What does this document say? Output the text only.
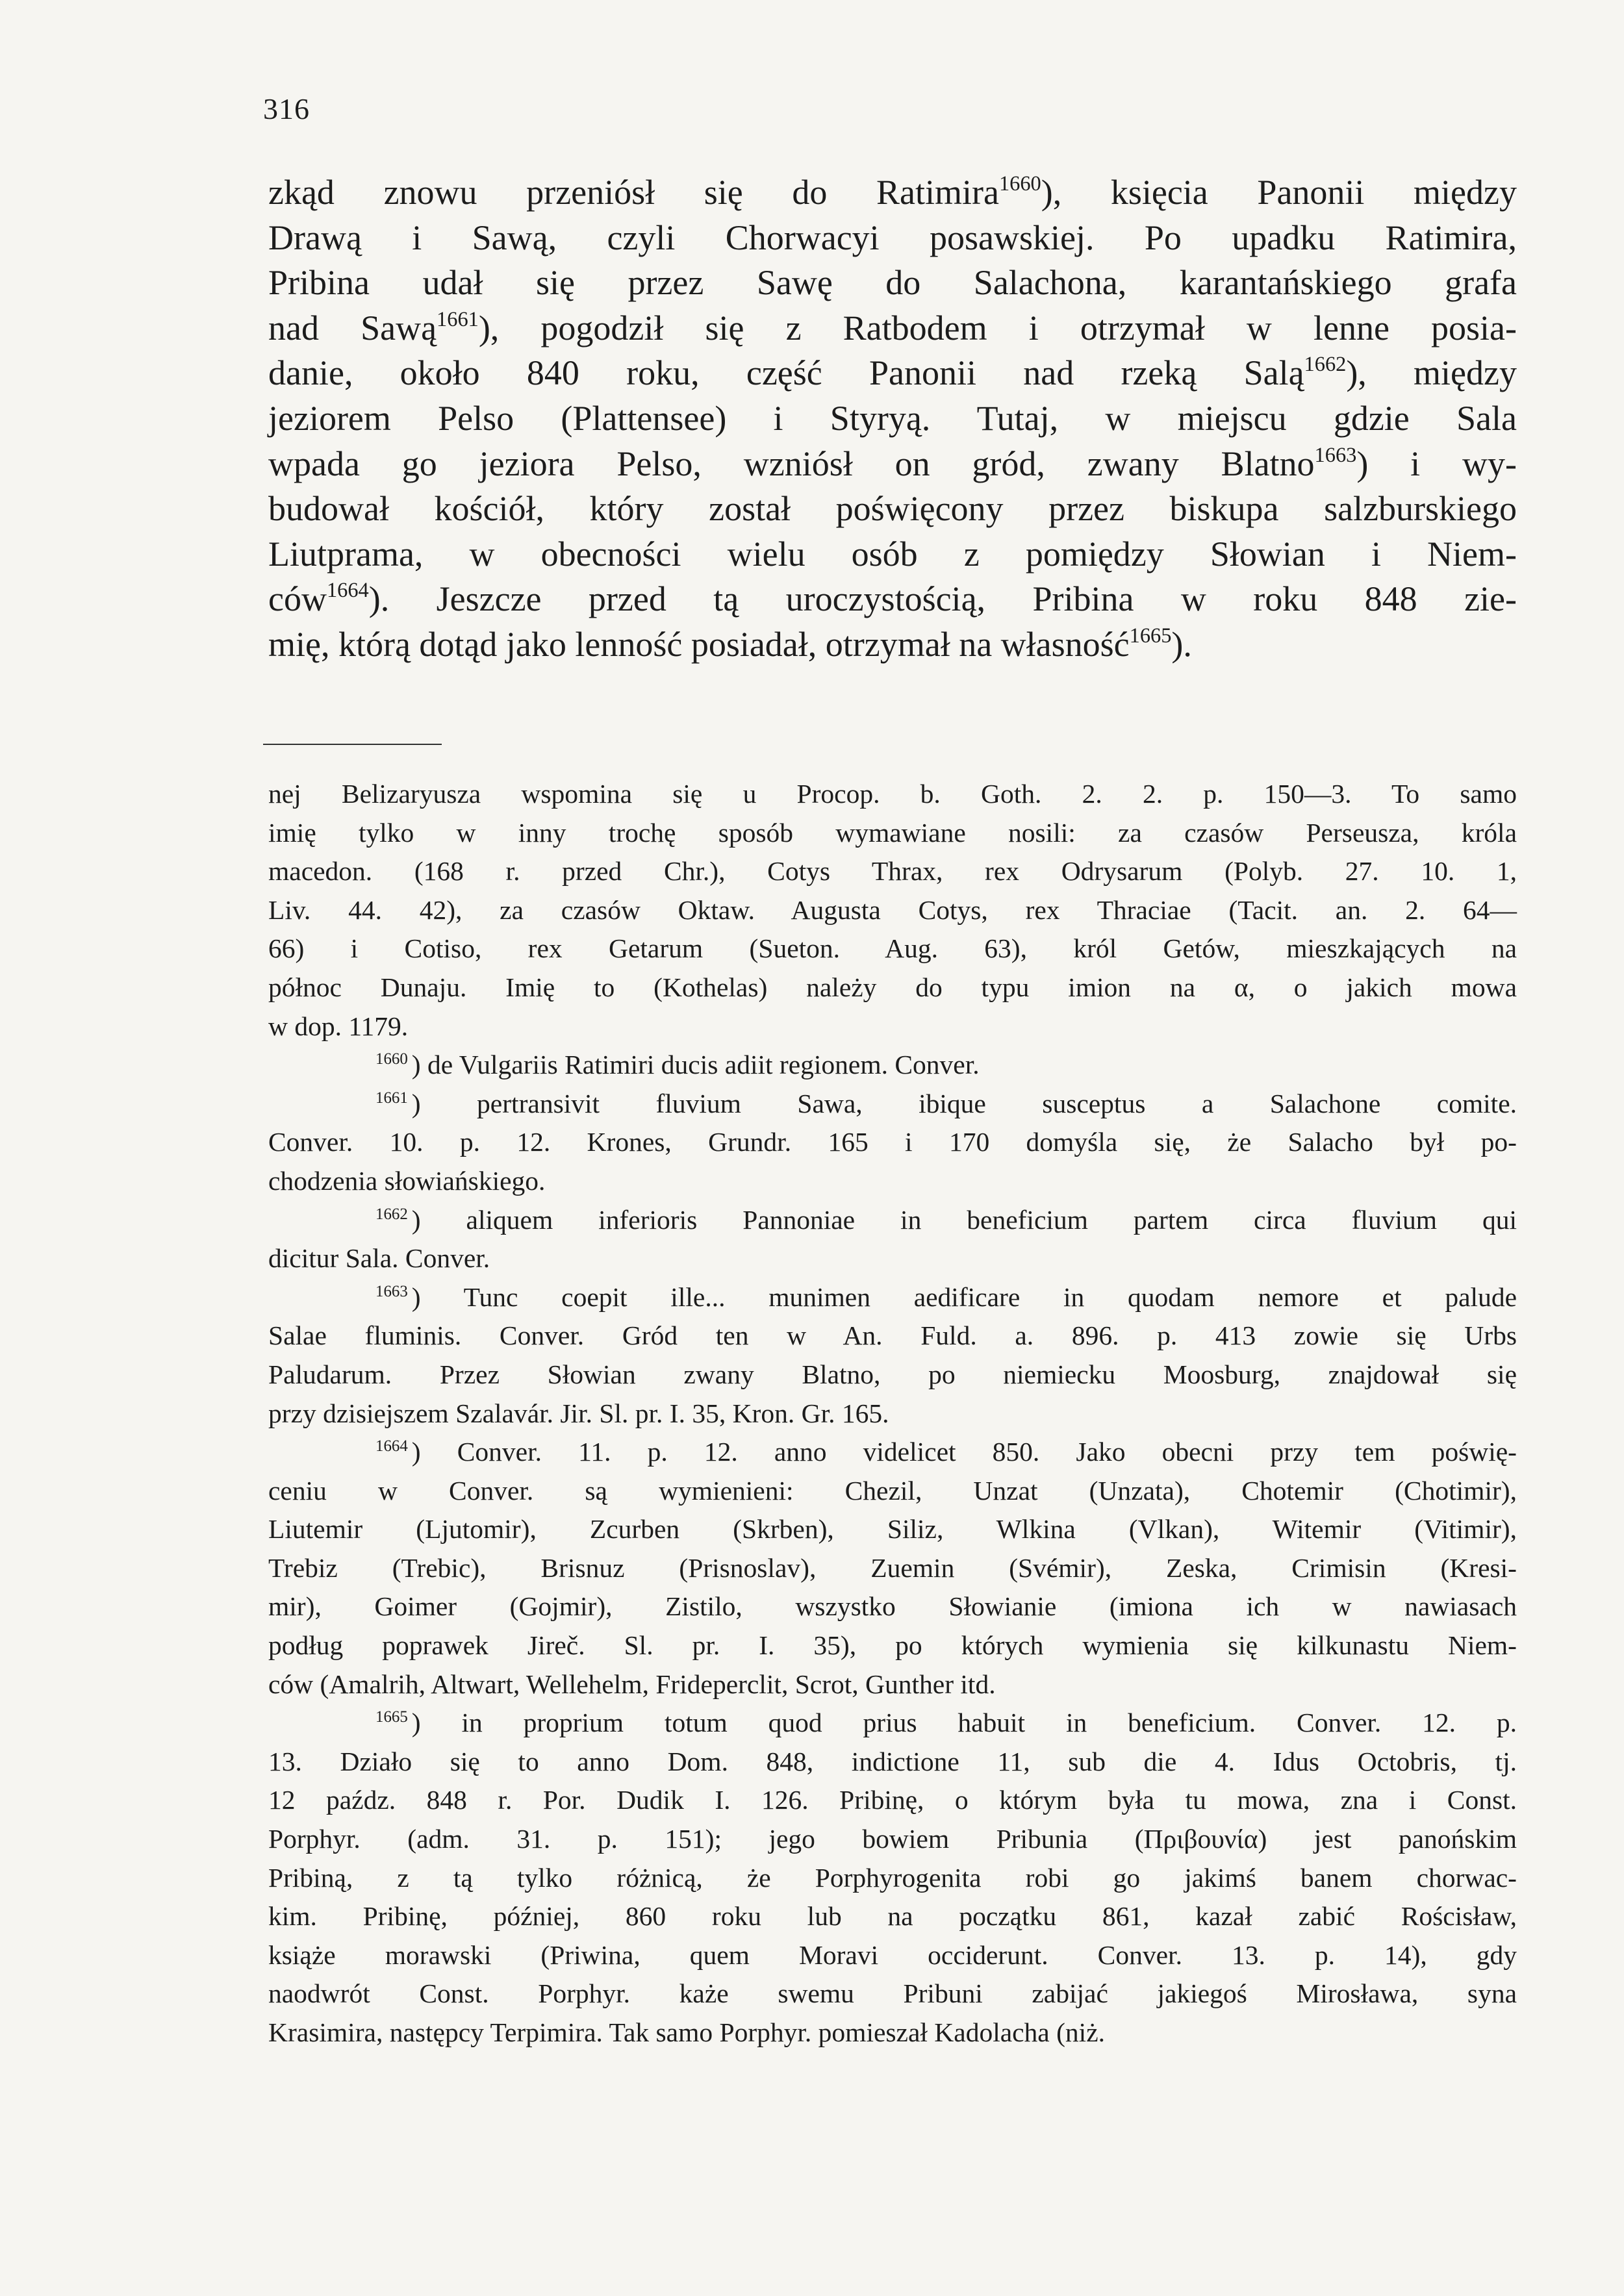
316
zkąd znowu przeniósł się do Ratimira$^{1660}$), księcia Panonii między
Drawą i Sawą, czyli Chorwacyi posawskiej. Po upadku Ratimira,
Pribina udał się przez Sawę do Salachona, karantańskiego grafa
nad Sawą$^{1661}$), pogodził się z Ratbodem i otrzymał w lenne posia-
danie, około 840 roku, część Panonii nad rzeką Salą$^{1662}$), między
jeziorem Pelso (Plattensee) i Styryą. Tutaj, w miejscu gdzie Sala
wpada go jeziora Pelso, wzniósł on gród, zwany Blatno$^{1663}$) i wy-
budował kościół, który został poświęcony przez biskupa salzburskiego
Liutprama, w obecności wielu osób z pomiędzy Słowian i Niem-
ców$^{1664}$). Jeszcze przed tą uroczystością, Pribina w roku 848 zie-
mię, którą dotąd jako lenność posiadał, otrzymał na własność$^{1665}$).
nej Belizaryusza wspomina się u Procop. b. Goth. 2. 2. p. 150—3. To samo
imię tylko w inny trochę sposób wymawiane nosili: za czasów Perseusza, króla
macedon. (168 r. przed Chr.), Cotys Thrax, rex Odrysarum (Polyb. 27. 10. 1,
Liv. 44. 42), za czasów Oktaw. Augusta Cotys, rex Thraciae (Tacit. an. 2. 64—
66) i Cotiso, rex Getarum (Sueton. Aug. 63), król Getów, mieszkających na
północ Dunaju. Imię to (Kothelas) należy do typu imion na α, o jakich mowa
w dop. 1179.
$^{1660}$ ) de Vulgariis Ratimiri ducis adiit regionem. Conver.
$^{1661}$ ) pertransivit fluvium Sawa, ibique susceptus a Salachone comite.
Conver. 10. p. 12. Krones, Grundr. 165 i 170 domyśla się, że Salacho był po-
chodzenia słowiańskiego.
$^{1662}$ ) aliquem inferioris Pannoniae in beneficium partem circa fluvium qui
dicitur Sala. Conver.
$^{1663}$ ) Tunc coepit ille... munimen aedificare in quodam nemore et palude
Salae fluminis. Conver. Gród ten w An. Fuld. a. 896. p. 413 zowie się Urbs
Paludarum. Przez Słowian zwany Blatno, po niemiecku Moosburg, znajdował się
przy dzisiejszem Szalavár. Jir. Sl. pr. I. 35, Kron. Gr. 165.
$^{1664}$ ) Conver. 11. p. 12. anno videlicet 850. Jako obecni przy tem poświę-
ceniu w Conver. są wymienieni: Chezil, Unzat (Unzata), Chotemir (Chotimir),
Liutemir (Ljutomir), Zcurben (Skrben), Siliz, Wlkina (Vlkan), Witemir (Vitimir),
Trebiz (Trebic), Brisnuz (Prisnoslav), Zuemin (Svémir), Zeska, Crimisin (Kresi-
mir), Goimer (Gojmir), Zistilo, wszystko Słowianie (imiona ich w nawiasach
podług poprawek Jireč. Sl. pr. I. 35), po których wymienia się kilkunastu Niem-
ców (Amalrih, Altwart, Wellehelm, Frideperclit, Scrot, Gunther itd.
$^{1665}$ ) in proprium totum quod prius habuit in beneficium. Conver. 12. p.
13. Działo się to anno Dom. 848, indictione 11, sub die 4. Idus Octobris, tj.
12 paźdz. 848 r. Por. Dudik I. 126. Pribinę, o którym była tu mowa, zna i Const.
Porphyr. (adm. 31. p. 151); jego bowiem Pribunia (Πριβουνία) jest panońskim
Pribiną, z tą tylko różnicą, że Porphyrogenita robi go jakimś banem chorwac-
kim. Pribinę, później, 860 roku lub na początku 861, kazał zabić Rościsław,
książe morawski (Priwina, quem Moravi occiderunt. Conver. 13. p. 14), gdy
naodwrót Const. Porphyr. każe swemu Pribuni zabijać jakiegoś Mirosława, syna
Krasimira, następcy Terpimira. Tak samo Porphyr. pomieszał Kadolacha (niż.
